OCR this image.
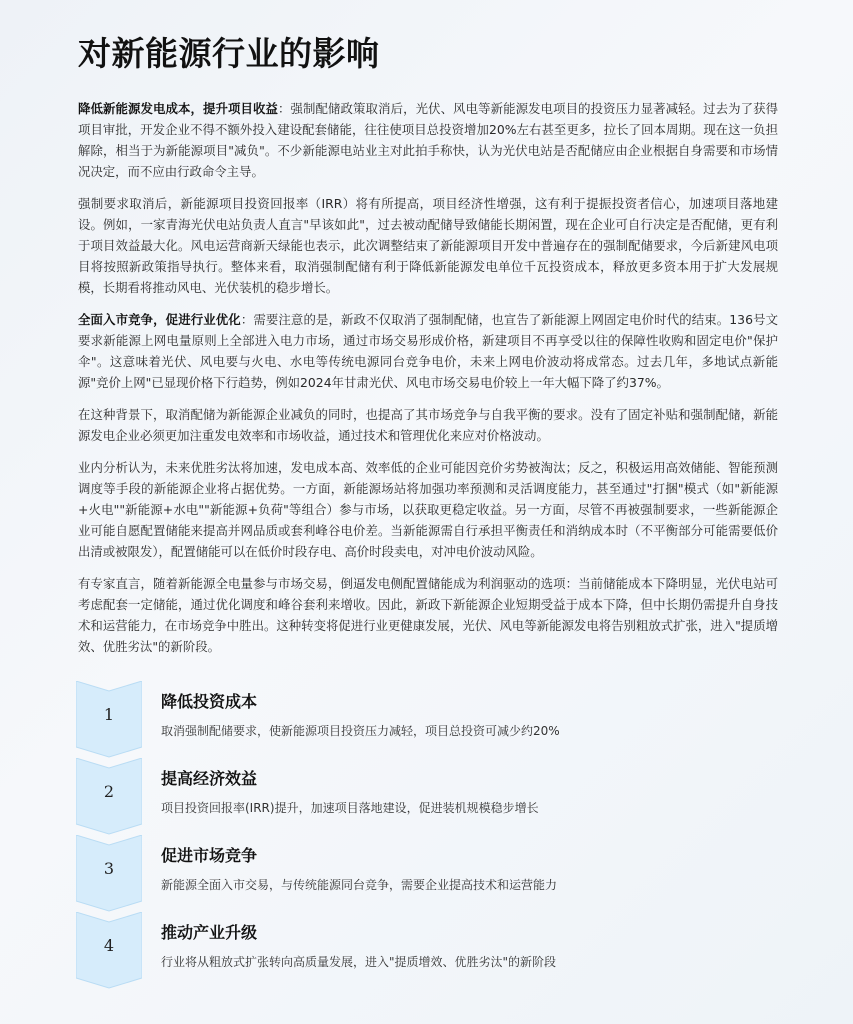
对新能源行业的影响

降低新能源发电成本，提升项目收益：强制配储政策取消后，光伏、风电等新能源发电项目的投资压力显著减轻。过去为了获得项目审批，开发企业不得不额外投入建设配套储能，往往使项目总投资增加20%左右甚至更多，拉长了回本周期。现在这一负担解除，相当于为新能源项目"减负"。不少新能源电站业主对此拍手称快，认为光伏电站是否配储应由企业根据自身需要和市场情况决定，而不应由行政命令主导。

强制要求取消后，新能源项目投资回报率（IRR）将有所提高，项目经济性增强，这有利于提振投资者信心，加速项目落地建设。例如，一家青海光伏电站负责人直言"早该如此"，过去被动配储导致储能长期闲置，现在企业可自行决定是否配储，更有利于项目效益最大化。风电运营商新天绿能也表示，此次调整结束了新能源项目开发中普遍存在的强制配储要求，今后新建风电项目将按照新政策指导执行。整体来看，取消强制配储有利于降低新能源发电单位千瓦投资成本，释放更多资本用于扩大发展规模，长期看将推动风电、光伏装机的稳步增长。

全面入市竞争，促进行业优化：需要注意的是，新政不仅取消了强制配储，也宣告了新能源上网固定电价时代的结束。136号文要求新能源上网电量原则上全部进入电力市场，通过市场交易形成价格，新建项目不再享受以往的保障性收购和固定电价"保护伞"。这意味着光伏、风电要与火电、水电等传统电源同台竞争电价，未来上网电价波动将成常态。过去几年，多地试点新能源"竞价上网"已显现价格下行趋势，例如2024年甘肃光伏、风电市场交易电价较上一年大幅下降了约37%。

在这种背景下，取消配储为新能源企业减负的同时，也提高了其市场竞争与自我平衡的要求。没有了固定补贴和强制配储，新能源发电企业必须更加注重发电效率和市场收益，通过技术和管理优化来应对价格波动。

业内分析认为，未来优胜劣汰将加速，发电成本高、效率低的企业可能因竞价劣势被淘汰；反之，积极运用高效储能、智能预测调度等手段的新能源企业将占据优势。一方面，新能源场站将加强功率预测和灵活调度能力，甚至通过"打捆"模式（如"新能源+火电""新能源+水电""新能源+负荷"等组合）参与市场，以获取更稳定收益。另一方面，尽管不再被强制要求，一些新能源企业可能自愿配置储能来提高并网品质或套利峰谷电价差。当新能源需自行承担平衡责任和消纳成本时（不平衡部分可能需要低价出清或被限发），配置储能可以在低价时段存电、高价时段卖电，对冲电价波动风险。

有专家直言，随着新能源全电量参与市场交易，倒逼发电侧配置储能成为利润驱动的选项：当前储能成本下降明显，光伏电站可考虑配套一定储能，通过优化调度和峰谷套利来增收。因此，新政下新能源企业短期受益于成本下降，但中长期仍需提升自身技术和运营能力，在市场竞争中胜出。这种转变将促进行业更健康发展，光伏、风电等新能源发电将告别粗放式扩张，进入"提质增效、优胜劣汰"的新阶段。

1
降低投资成本
取消强制配储要求，使新能源项目投资压力减轻，项目总投资可减少约20%
2
提高经济效益
项目投资回报率(IRR)提升，加速项目落地建设，促进装机规模稳步增长
3
促进市场竞争
新能源全面入市交易，与传统能源同台竞争，需要企业提高技术和运营能力
4
推动产业升级
行业将从粗放式扩张转向高质量发展，进入"提质增效、优胜劣汰"的新阶段
